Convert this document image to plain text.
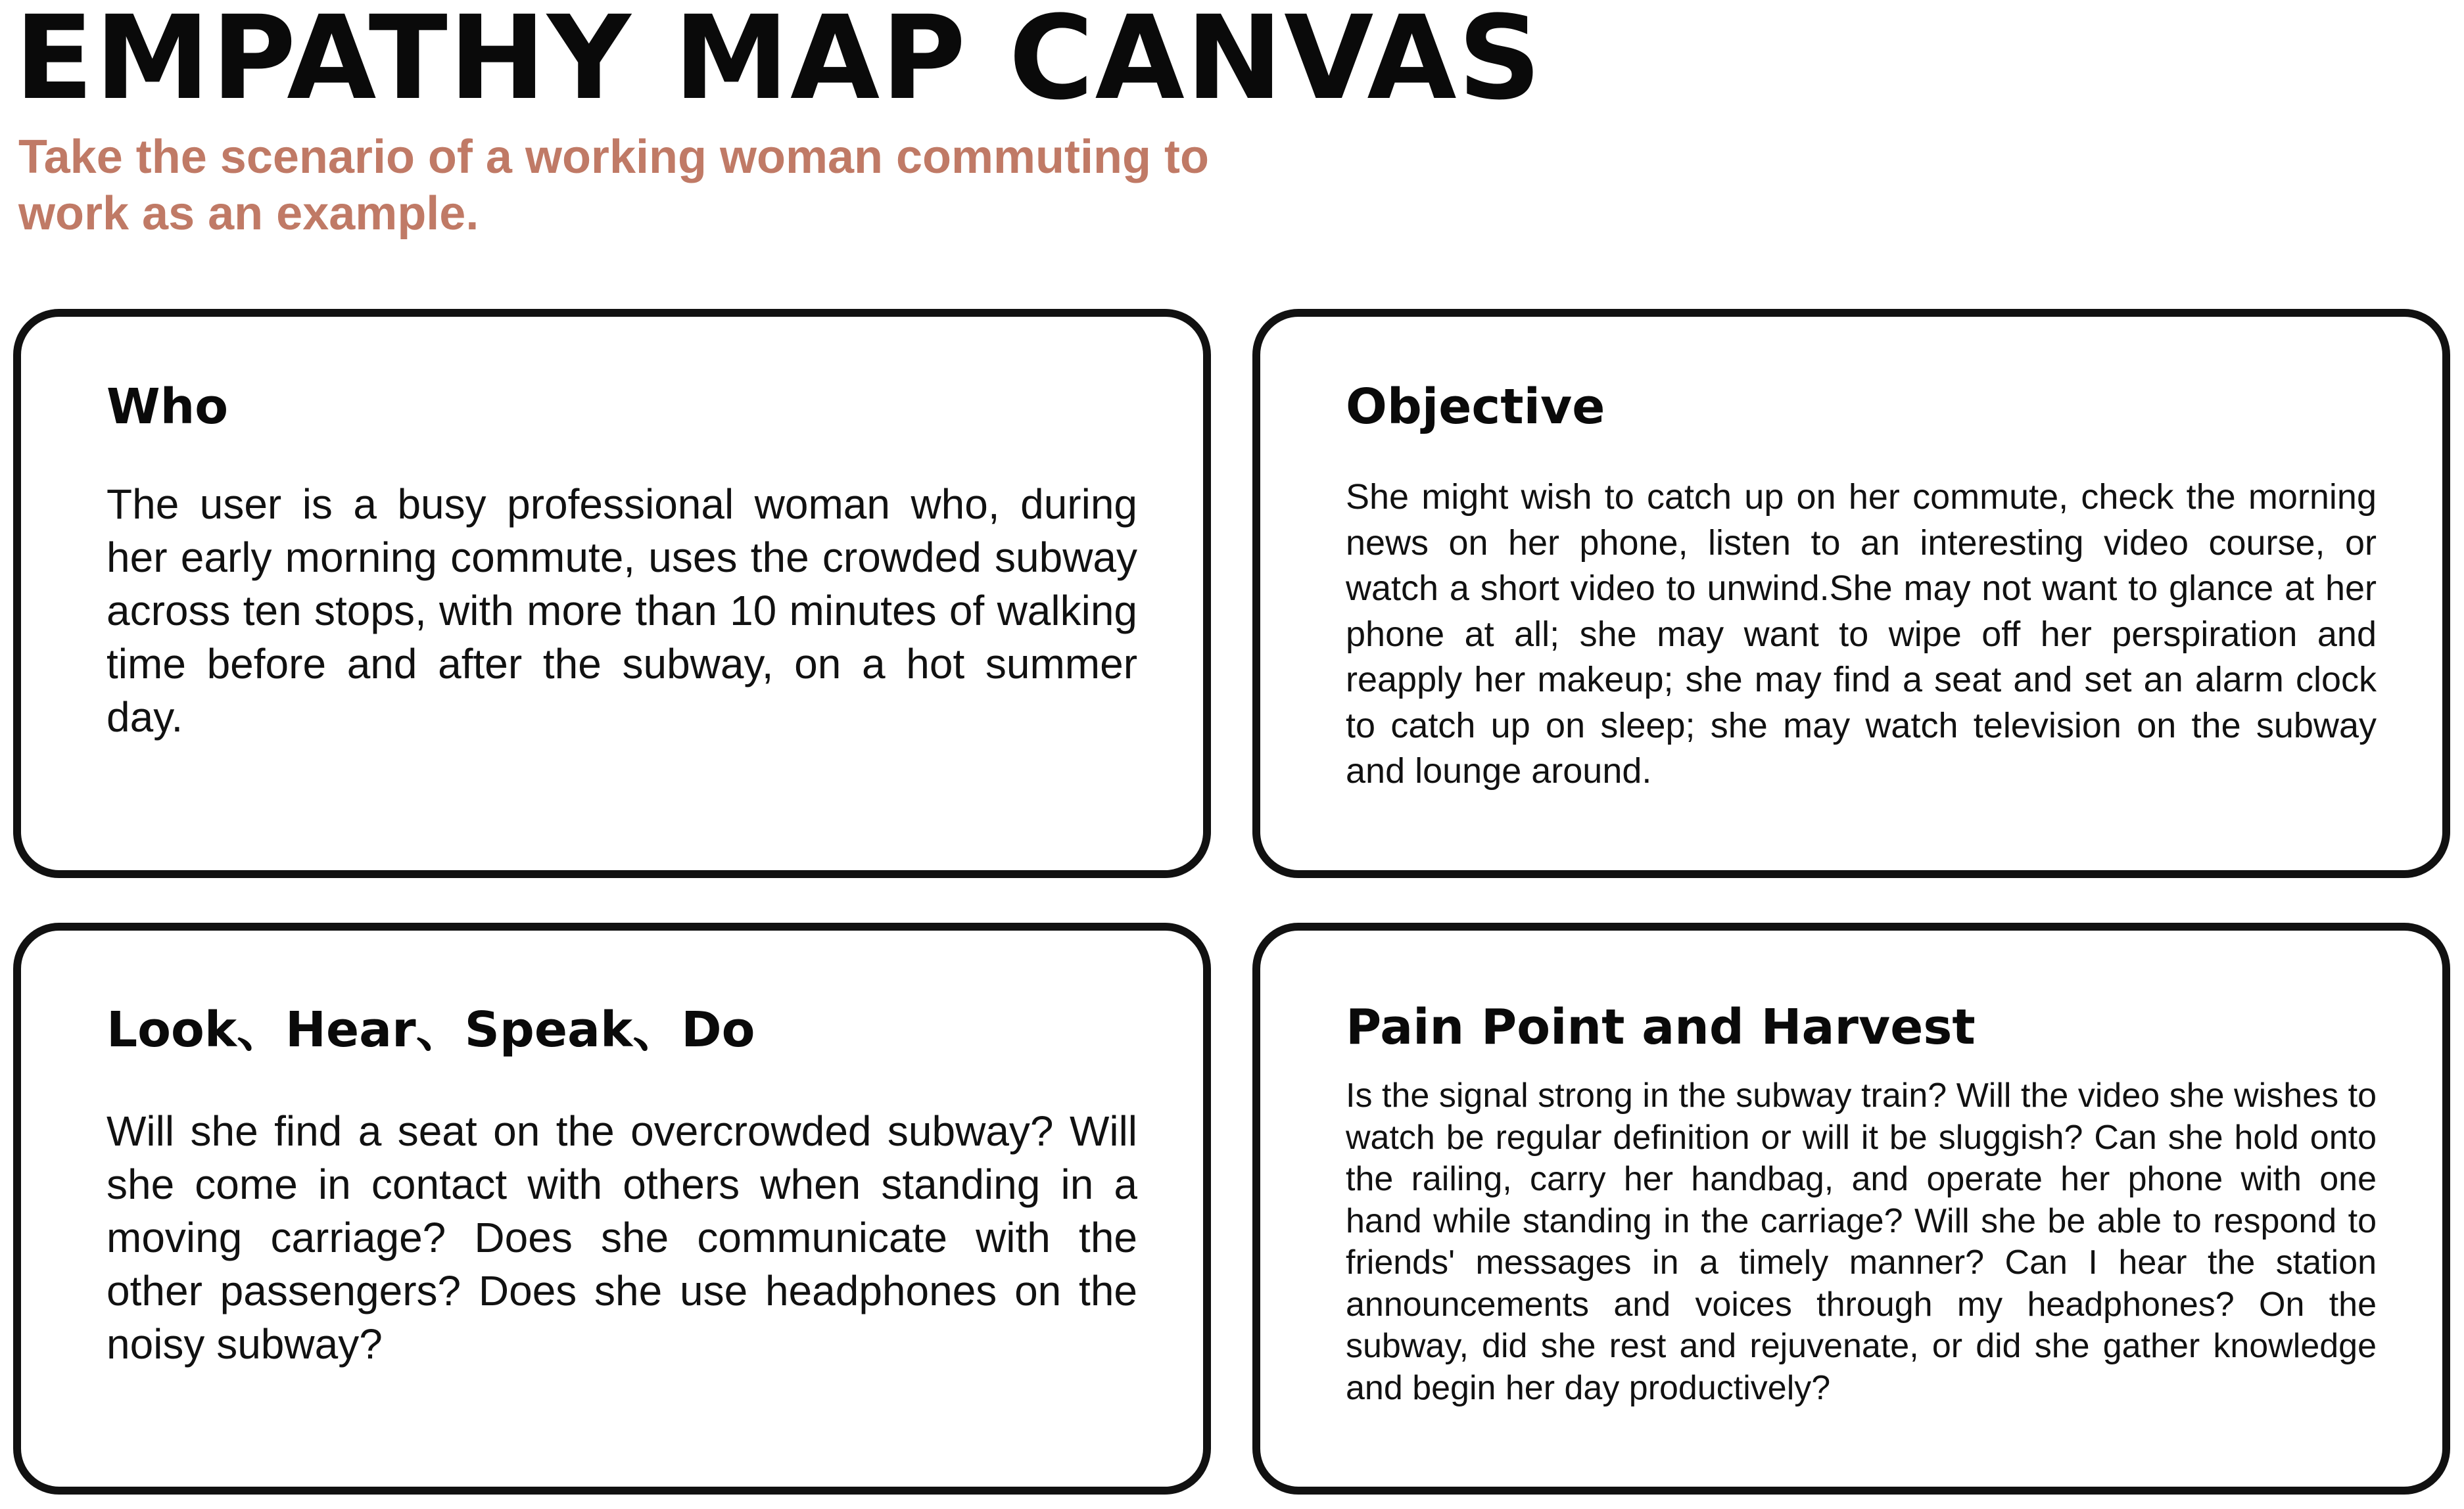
EMPATHY MAP CANVAS

Take the scenario of a working woman commuting to work as an example.

Who

The user is a busy professional woman who, during her early morning commute, uses the crowded subway across ten stops, with more than 10 minutes of walking time before and after the subway, on a hot summer day.

Objective

She might wish to catch up on her commute, check the morning news on her phone, listen to an interesting video course, or watch a short video to unwind.She may not want to glance at her phone at all; she may want to wipe off her perspiration and reapply her makeup; she may find a seat and set an alarm clock to catch up on sleep; she may watch television on the subway and lounge around.

Look、Hear、Speak、Do

Will she find a seat on the overcrowded subway? Will she come in contact with others when standing in a moving carriage? Does she communicate with the other passengers? Does she use headphones on the noisy subway?

Pain Point and Harvest

Is the signal strong in the subway train? Will the video she wishes to watch be regular definition or will it be sluggish? Can she hold onto the railing, carry her handbag, and operate her phone with one hand while standing in the carriage? Will she be able to respond to friends' messages in a timely manner? Can I hear the station announcements and voices through my headphones? On the subway, did she rest and rejuvenate, or did she gather knowledge and begin her day productively?
